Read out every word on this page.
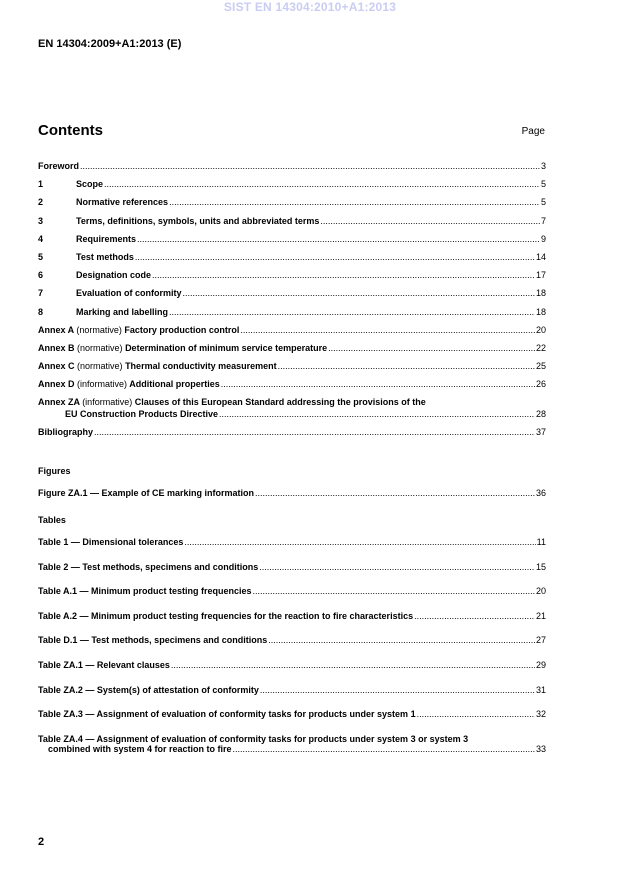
SIST EN 14304:2010+A1:2013
EN 14304:2009+A1:2013 (E)
Contents	Page
Foreword .....	3
1	Scope .....	5
2	Normative references .....	5
3	Terms, definitions, symbols, units and abbreviated terms .....	7
4	Requirements .....	9
5	Test methods .....	14
6	Designation code .....	17
7	Evaluation of conformity .....	18
8	Marking and labelling .....	18
Annex A (normative) Factory production control .....	20
Annex B (normative) Determination of minimum service temperature .....	22
Annex C (normative) Thermal conductivity measurement .....	25
Annex D (informative) Additional properties .....	26
Annex ZA (informative) Clauses of this European Standard addressing the provisions of the
EU Construction Products Directive .....	28
Bibliography .....	37
Figures
Figure ZA.1 — Example of CE marking information .....	36
Tables
Table 1 — Dimensional tolerances .....	11
Table 2 — Test methods, specimens and conditions .....	15
Table A.1 — Minimum product testing frequencies .....	20
Table A.2 — Minimum product testing frequencies for the reaction to fire characteristics .....	21
Table D.1 — Test methods, specimens and conditions .....	27
Table ZA.1 — Relevant clauses .....	29
Table ZA.2 — System(s) of attestation of conformity .....	31
Table ZA.3 — Assignment of evaluation of conformity tasks for products under system 1 .....	32
Table ZA.4 — Assignment of evaluation of conformity tasks for products under system 3 or system 3
combined with system 4 for reaction to fire .....	33
2
